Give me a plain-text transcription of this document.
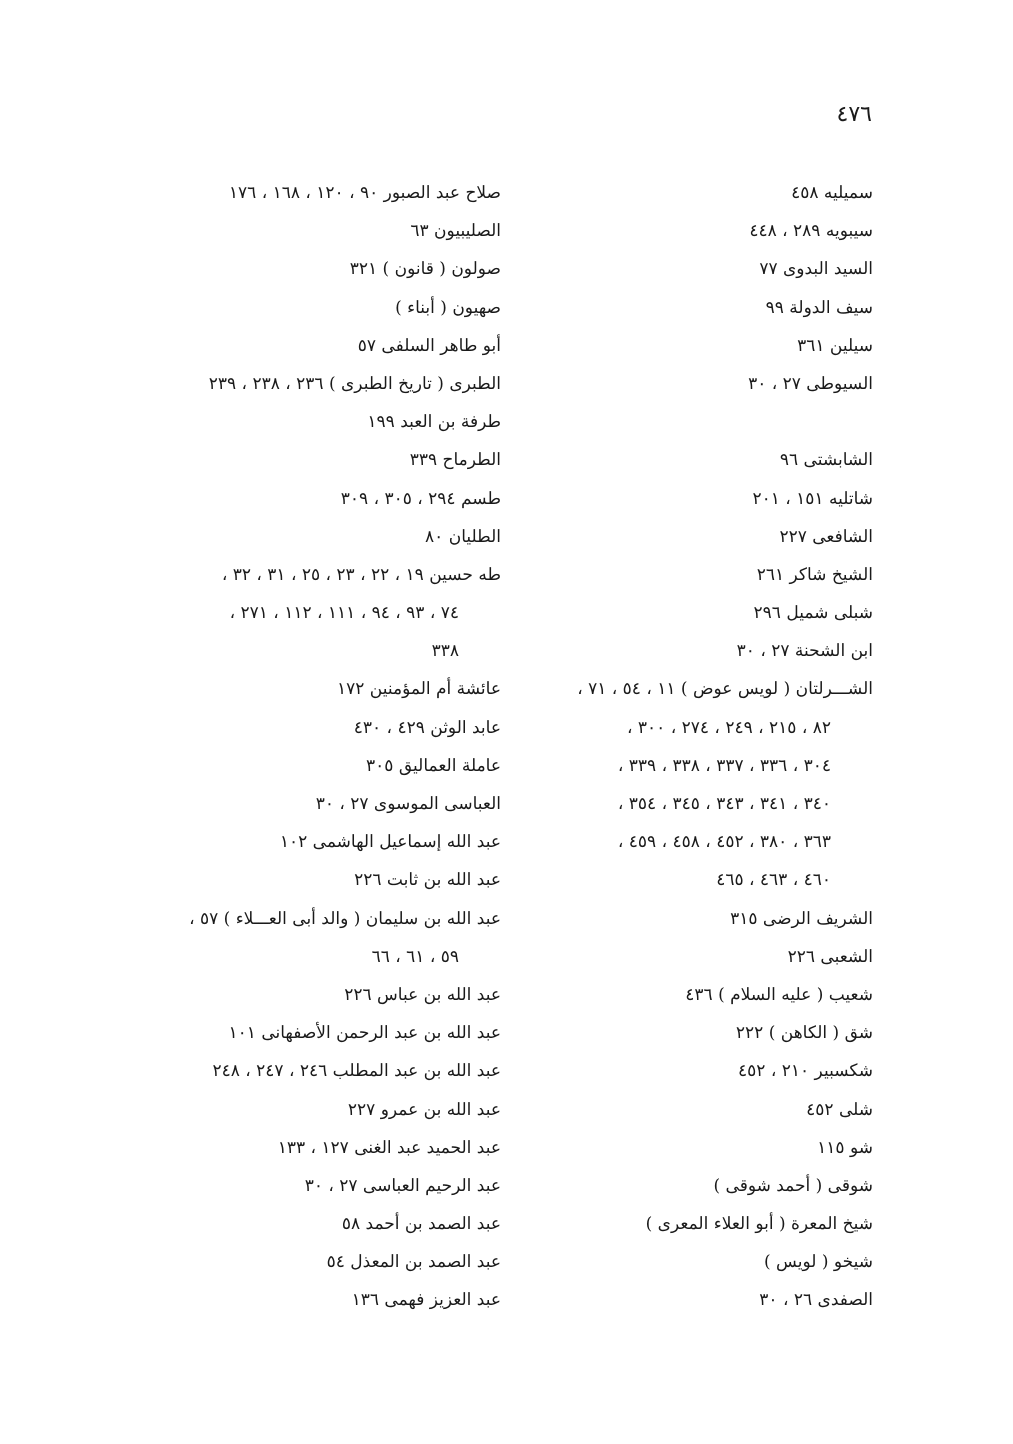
٤٧٦
سميليه ٤٥٨
سيبويه ٢٨٩ ، ٤٤٨
السيد البدوى ٧٧
سيف الدولة ٩٩
سيلين ٣٦١
السيوطى ٢٧ ، ٣٠
الشابشتى ٩٦
شاتليه ١٥١ ، ٢٠١
الشافعى ٢٢٧
الشيخ شاكر ٢٦١
شبلى شميل ٢٩٦
ابن الشحنة ٢٧ ، ٣٠
الشـــرلتان ( لويس عوض ) ١١ ، ٥٤ ، ٧١ ،
٨٢ ، ٢١٥ ، ٢٤٩ ، ٢٧٤ ، ٣٠٠ ،
٣٠٤ ، ٣٣٦ ، ٣٣٧ ، ٣٣٨ ، ٣٣٩ ،
٣٤٠ ، ٣٤١ ، ٣٤٣ ، ٣٤٥ ، ٣٥٤ ،
٣٦٣ ، ٣٨٠ ، ٤٥٢ ، ٤٥٨ ، ٤٥٩ ،
٤٦٠ ، ٤٦٣ ، ٤٦٥
الشريف الرضى ٣١٥
الشعبى ٢٢٦
شعيب ( عليه السلام ) ٤٣٦
شق ( الكاهن ) ٢٢٢
شكسبير ٢١٠ ، ٤٥٢
شلى ٤٥٢
شو ١١٥
شوقى ( أحمد شوقى )
شيخ المعرة ( أبو العلاء المعرى )
شيخو ( لويس )
الصفدى ٢٦ ، ٣٠
صلاح عبد الصبور ٩٠ ، ١٢٠ ، ١٦٨ ، ١٧٦
الصليبيون ٦٣
صولون ( قانون ) ٣٢١
صهيون ( أبناء )
أبو طاهر السلفى ٥٧
الطبرى ( تاريخ الطبرى ) ٢٣٦ ، ٢٣٨ ، ٢٣٩
طرفة بن العبد ١٩٩
الطرماح ٣٣٩
طسم ٢٩٤ ، ٣٠٥ ، ٣٠٩
الطليان ٨٠
طه حسين ١٩ ، ٢٢ ، ٢٣ ، ٢٥ ، ٣١ ، ٣٢ ،
٧٤ ، ٩٣ ، ٩٤ ، ١١١ ، ١١٢ ، ٢٧١ ،
٣٣٨
عائشة أم المؤمنين ١٧٢
عابد الوثن ٤٢٩ ، ٤٣٠
عاملة العماليق ٣٠٥
العباسى الموسوى ٢٧ ، ٣٠
عبد الله إسماعيل الهاشمى ١٠٢
عبد الله بن ثابت ٢٢٦
عبد الله بن سليمان ( والد أبى العـــلاء ) ٥٧ ،
٥٩ ، ٦١ ، ٦٦
عبد الله بن عباس ٢٢٦
عبد الله بن عبد الرحمن الأصفهانى ١٠١
عبد الله بن عبد المطلب ٢٤٦ ، ٢٤٧ ، ٢٤٨
عبد الله بن عمرو ٢٢٧
عبد الحميد عبد الغنى ١٢٧ ، ١٣٣
عبد الرحيم العباسى ٢٧ ، ٣٠
عبد الصمد بن أحمد ٥٨
عبد الصمد بن المعذل ٥٤
عبد العزيز فهمى ١٣٦
